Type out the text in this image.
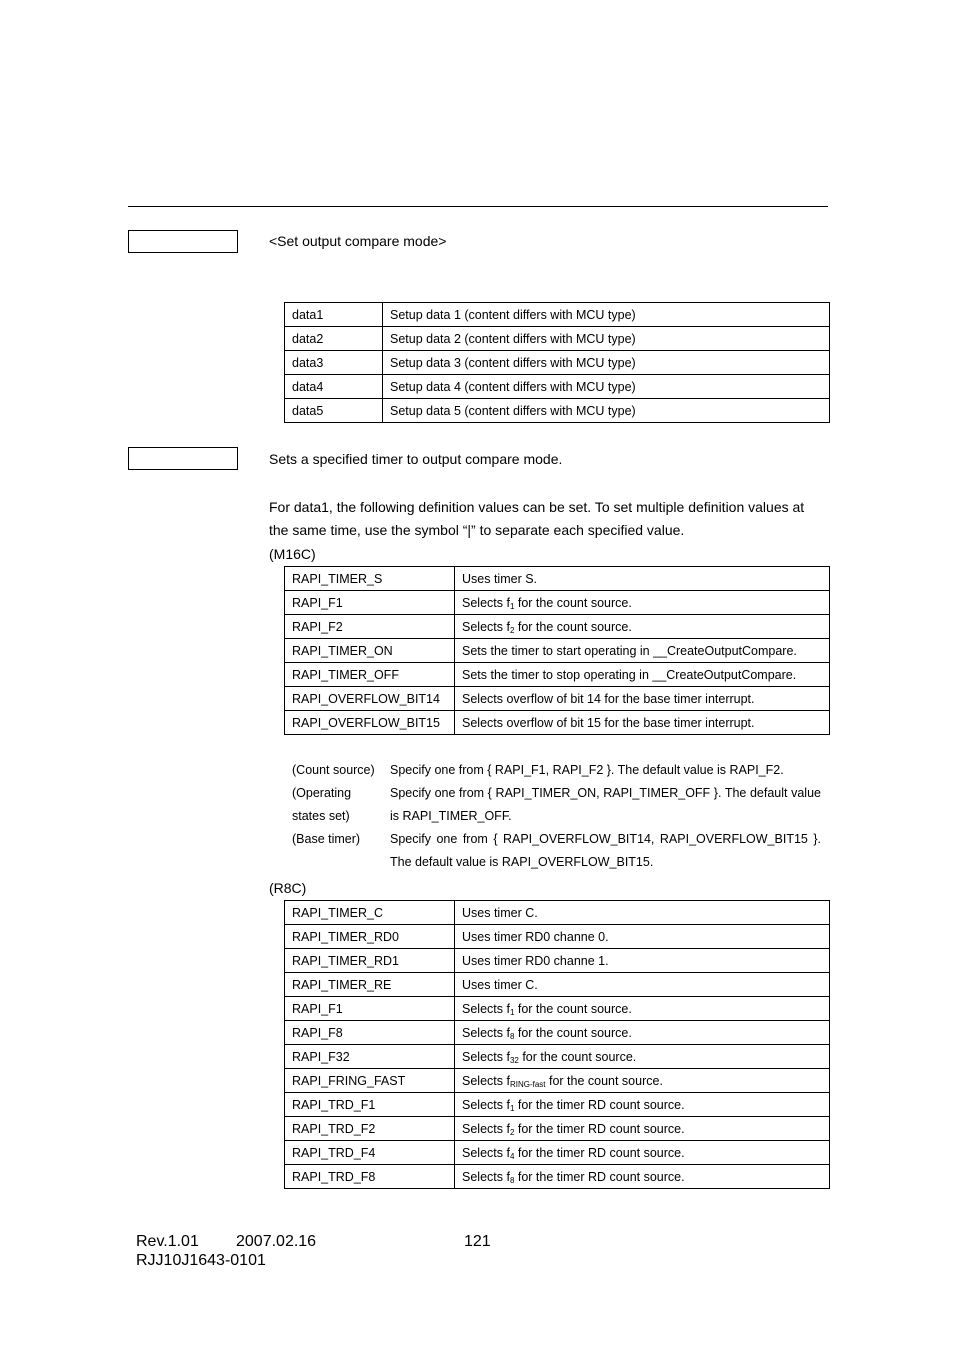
<Set output compare mode>
data1	Setup data 1 (content differs with MCU type)
data2	Setup data 2 (content differs with MCU type)
data3	Setup data 3 (content differs with MCU type)
data4	Setup data 4 (content differs with MCU type)
data5	Setup data 5 (content differs with MCU type)
Sets a specified timer to output compare mode.
For data1, the following definition values can be set. To set multiple definition values at the same time, use the symbol “|” to separate each specified value.
(M16C)
RAPI_TIMER_S	Uses timer S.
RAPI_F1	Selects $f_1$ for the count source.
RAPI_F2	Selects $f_2$ for the count source.
RAPI_TIMER_ON	Sets the timer to start operating in __CreateOutputCompare.
RAPI_TIMER_OFF	Sets the timer to stop operating in __CreateOutputCompare.
RAPI_OVERFLOW_BIT14	Selects overflow of bit 14 for the base timer interrupt.
RAPI_OVERFLOW_BIT15	Selects overflow of bit 15 for the base timer interrupt.
(Count source)	Specify one from { RAPI_F1, RAPI_F2 }. The default value is RAPI_F2.
(Operating states set)
Specify one from { RAPI_TIMER_ON, RAPI_TIMER_OFF }. The default value is RAPI_TIMER_OFF.
(Base timer)	Specify one from { RAPI_OVERFLOW_BIT14, RAPI_OVERFLOW_BIT15 }. The default value is RAPI_OVERFLOW_BIT15.
(R8C)
RAPI_TIMER_C	Uses timer C.
RAPI_TIMER_RD0	Uses timer RD0 channe 0.
RAPI_TIMER_RD1	Uses timer RD0 channe 1.
RAPI_TIMER_RE	Uses timer C.
RAPI_F1	Selects $f_1$ for the count source.
RAPI_F8	Selects $f_8$ for the count source.
RAPI_F32	Selects $f_{32}$ for the count source.
RAPI_FRING_FAST	Selects $f_{RING-fast}$ for the count source.
RAPI_TRD_F1	Selects $f_1$ for the timer RD count source.
RAPI_TRD_F2	Selects $f_2$ for the timer RD count source.
RAPI_TRD_F4	Selects $f_4$ for the timer RD count source.
RAPI_TRD_F8	Selects $f_8$ for the timer RD count source.
Rev.1.01 2007.02.16	121
RJJ10J1643-0101
